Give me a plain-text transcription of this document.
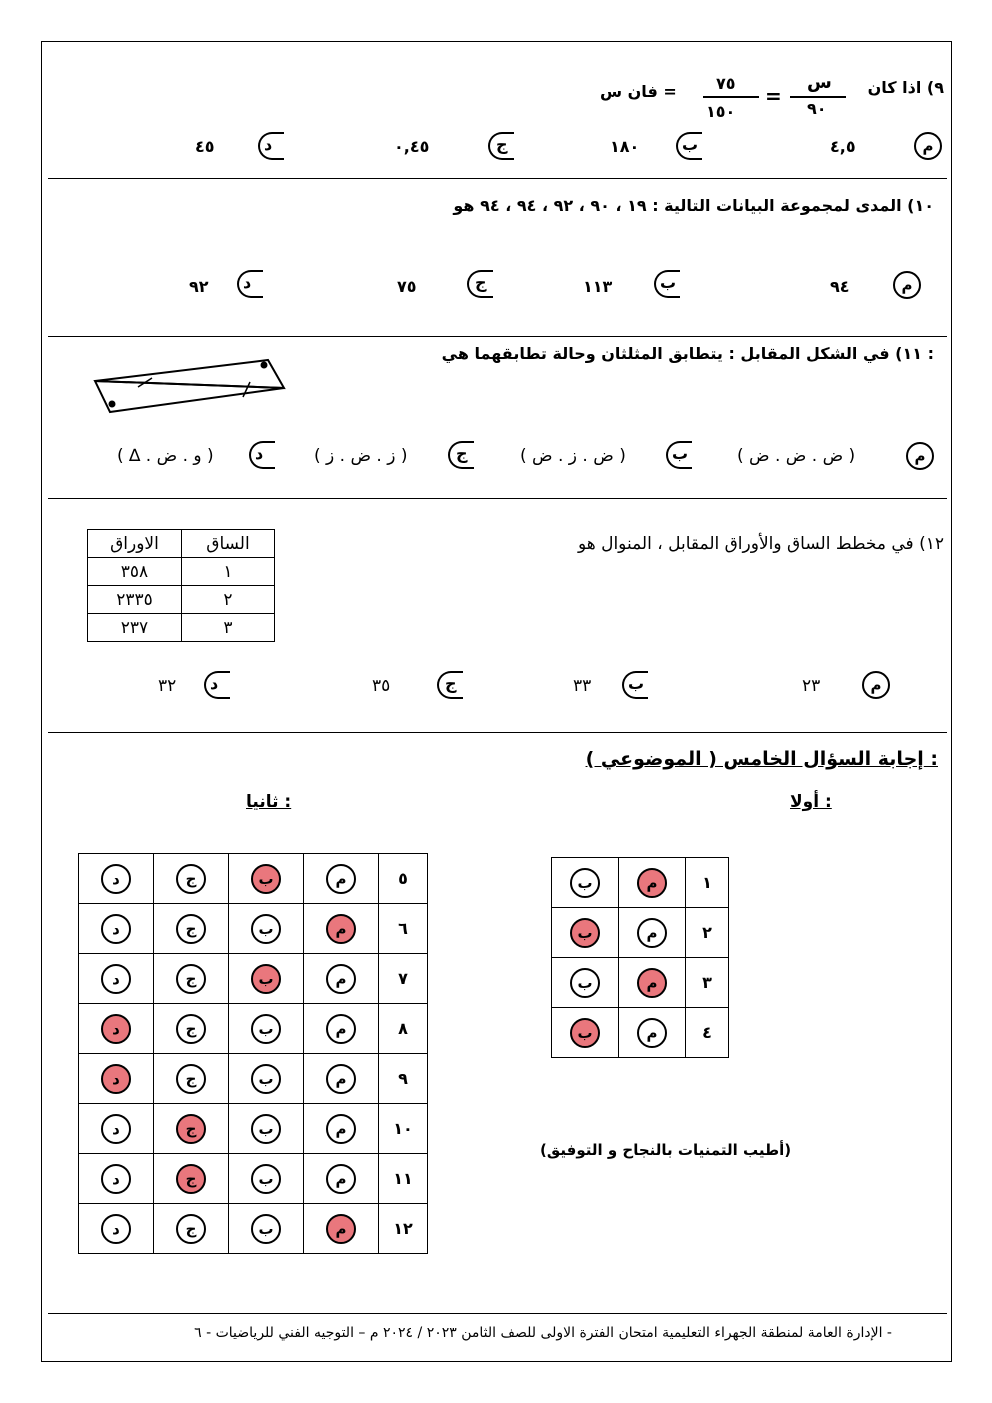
٩) اذا كان
س
٩٠
=
٧٥
١٥٠
فان س =
م
٤,٥
ب
١٨٠
ج
٠,٤٥
د
٤٥
١٠) المدى لمجموعة البيانات التالية : ١٩ ، ٩٠ ، ٩٢ ، ٩٤ ، ٩٤ هو
م
٩٤
ب
١١٣
ج
٧٥
د
٩٢
١١) في الشكل المقابل : يتطابق المثلثان وحالة تطابقهما هي :
م
( ض . ض . ض )
ب
( ض . ز . ض )
ج
( ز . ض . ز )
د
( ∆ . و . ض )
١٢) في مخطط الساق والأوراق المقابل ، المنوال هو
الاوراق	الساق
٣٥٨	١
٢٣٣٥	٢
٢٣٧	٣
م
٢٣
ب
٣٣
ج
٣٥
د
٣٢
إجابة السؤال الخامس ( الموضوعي ) :
أولا :
ثانيا :
ب	م	١
ب	م	٢
ب	م	٣
ب	م	٤
د	ج	ب	م	٥
د	ج	ب	م	٦
د	ج	ب	م	٧
د	ج	ب	م	٨
د	ج	ب	م	٩
د	ج	ب	م	١٠
د	ج	ب	م	١١
د	ج	ب	م	١٢
(أطيب التمنيات بالنجاح و التوفيق)
الإدارة العامة لمنطقة الجهراء التعليمية امتحان الفترة الاولى للصف الثامن ٢٠٢٣ / ٢٠٢٤ م – التوجيه الفني للرياضيات - ٦ -
